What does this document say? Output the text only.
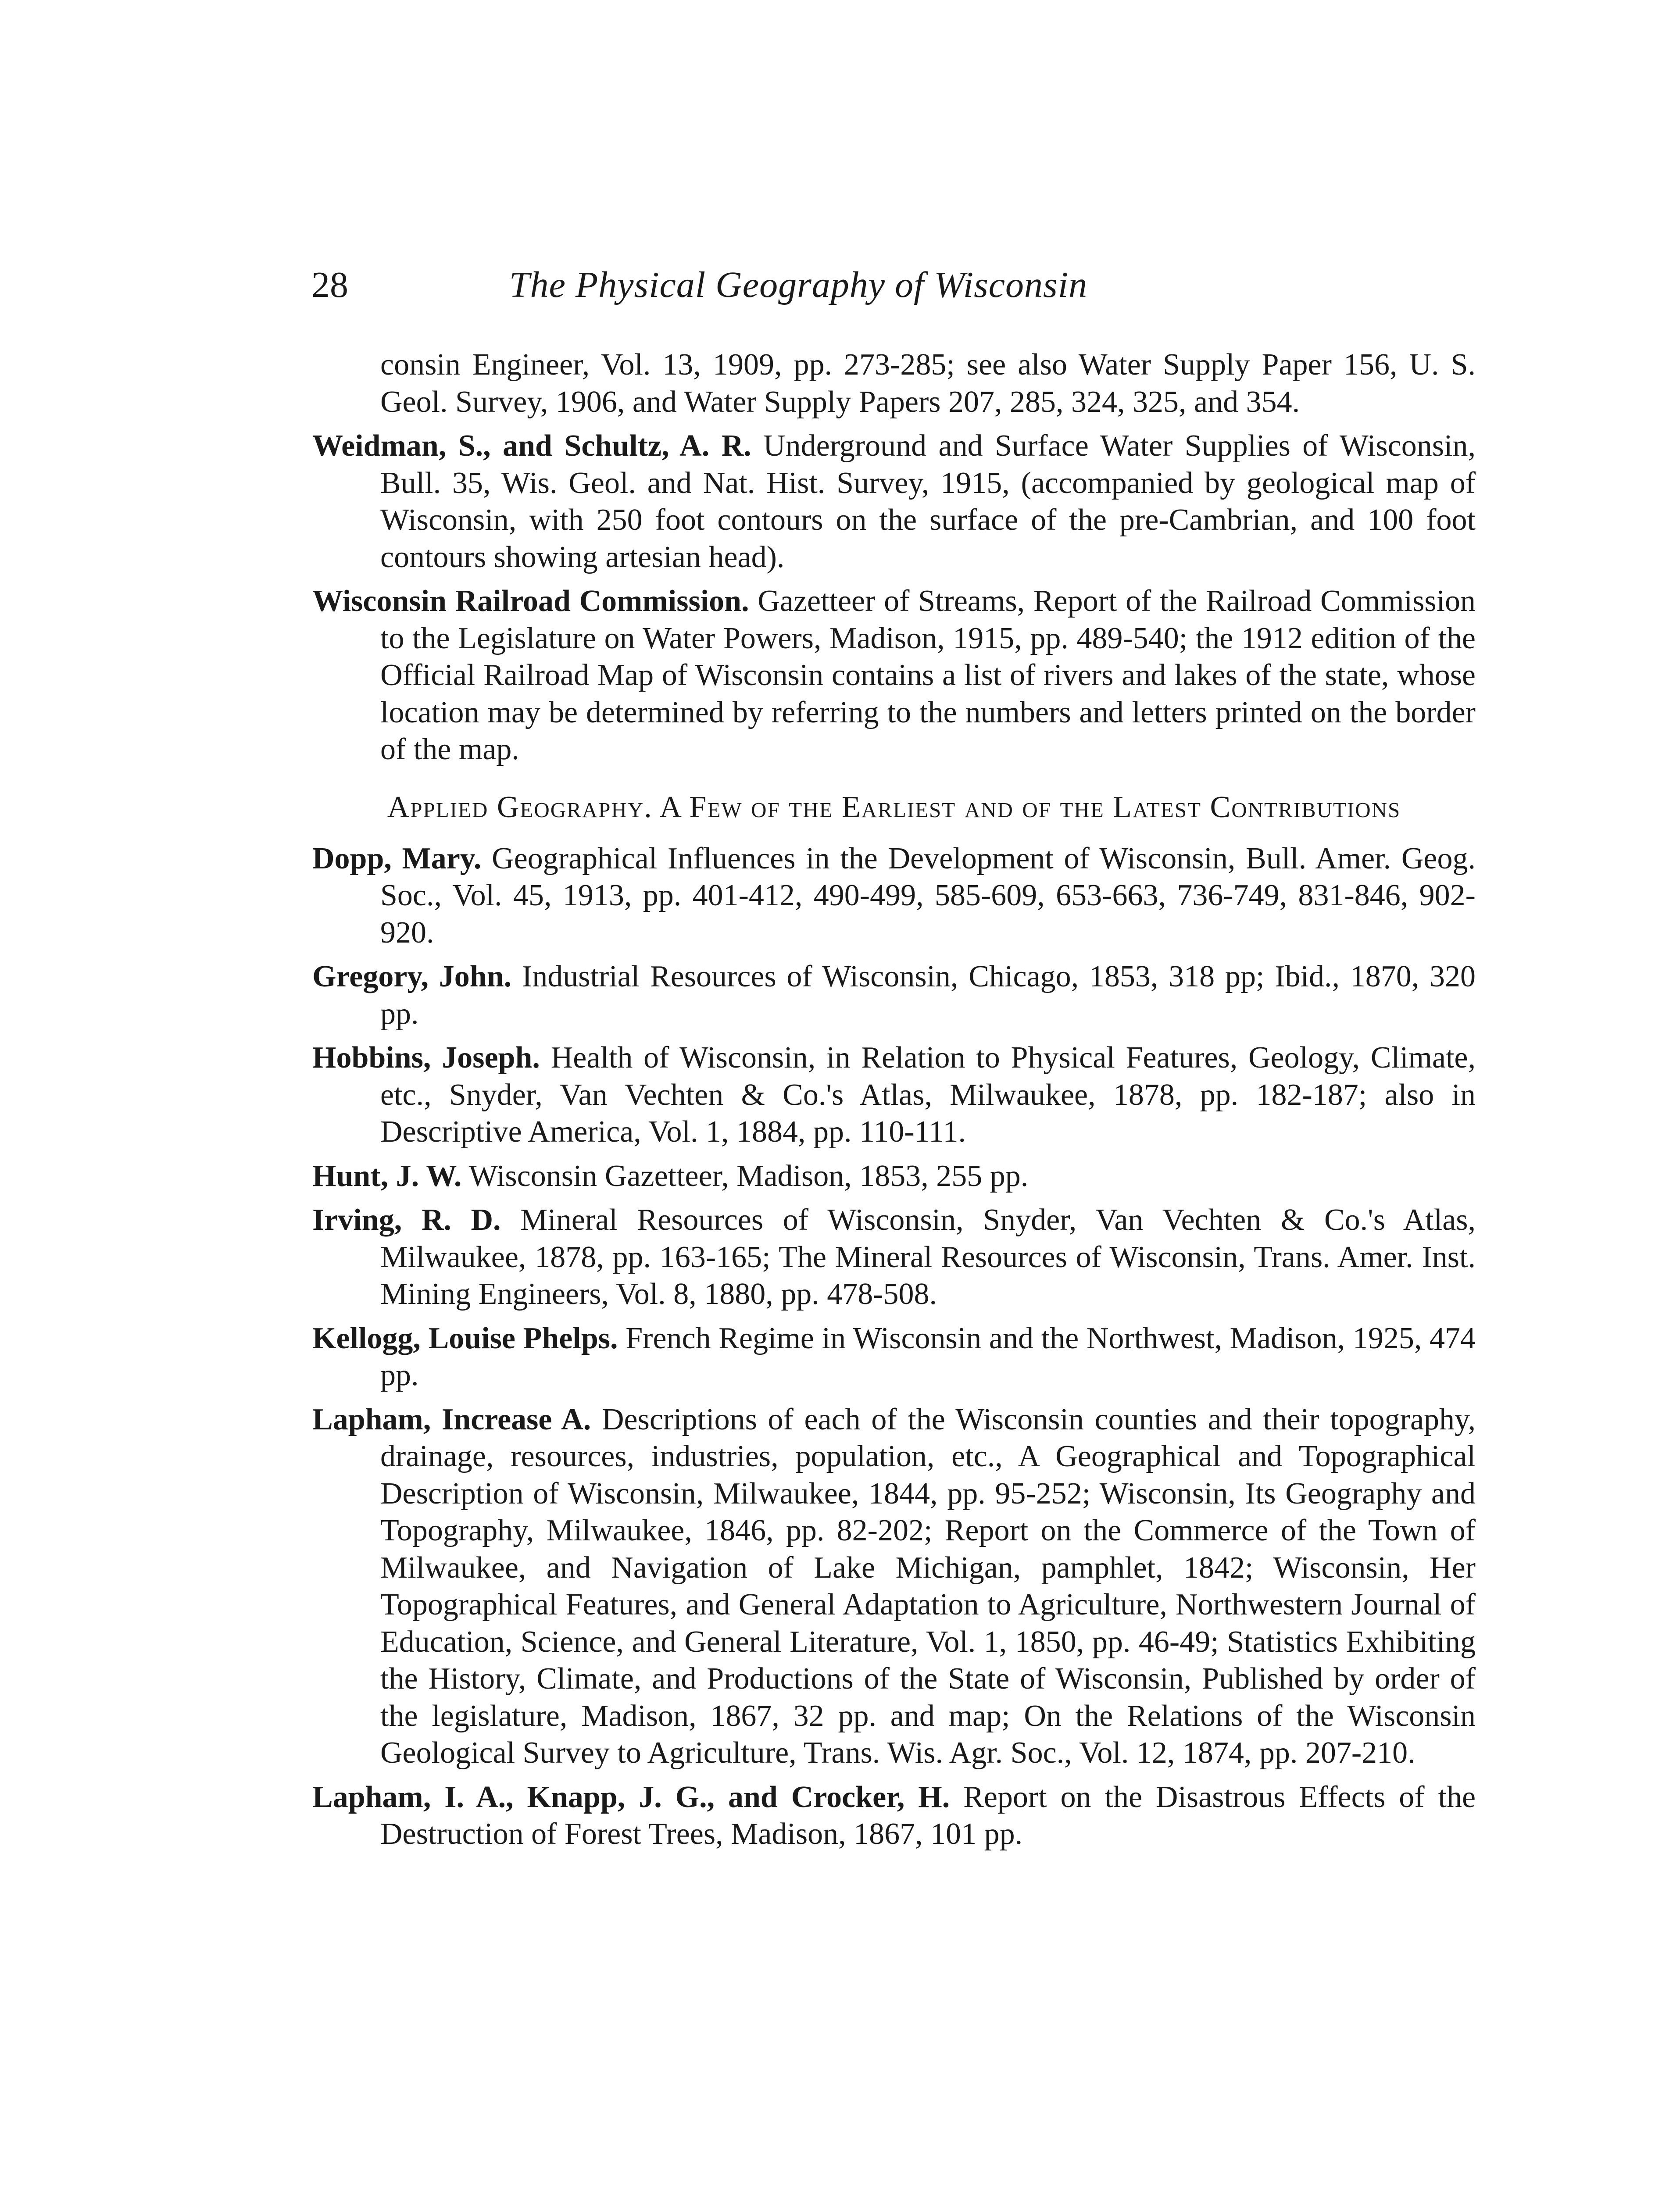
28	The Physical Geography of Wisconsin

consin Engineer, Vol. 13, 1909, pp. 273-285; see also Water Supply Paper 156, U. S. Geol. Survey, 1906, and Water Supply Papers 207, 285, 324, 325, and 354.

Weidman, S., and Schultz, A. R. Underground and Surface Water Supplies of Wisconsin, Bull. 35, Wis. Geol. and Nat. Hist. Survey, 1915, (accompanied by geological map of Wisconsin, with 250 foot contours on the surface of the pre-Cambrian, and 100 foot contours showing artesian head).

Wisconsin Railroad Commission. Gazetteer of Streams, Report of the Railroad Commission to the Legislature on Water Powers, Madison, 1915, pp. 489-540; the 1912 edition of the Official Railroad Map of Wisconsin contains a list of rivers and lakes of the state, whose location may be determined by referring to the numbers and letters printed on the border of the map.

Applied Geography. A Few of the Earliest and of the Latest Contributions

Dopp, Mary. Geographical Influences in the Development of Wisconsin, Bull. Amer. Geog. Soc., Vol. 45, 1913, pp. 401-412, 490-499, 585-609, 653-663, 736-749, 831-846, 902-920.

Gregory, John. Industrial Resources of Wisconsin, Chicago, 1853, 318 pp; Ibid., 1870, 320 pp.

Hobbins, Joseph. Health of Wisconsin, in Relation to Physical Features, Geology, Climate, etc., Snyder, Van Vechten & Co.'s Atlas, Milwaukee, 1878, pp. 182-187; also in Descriptive America, Vol. 1, 1884, pp. 110-111.

Hunt, J. W. Wisconsin Gazetteer, Madison, 1853, 255 pp.

Irving, R. D. Mineral Resources of Wisconsin, Snyder, Van Vechten & Co.'s Atlas, Milwaukee, 1878, pp. 163-165; The Mineral Resources of Wisconsin, Trans. Amer. Inst. Mining Engineers, Vol. 8, 1880, pp. 478-508.

Kellogg, Louise Phelps. French Regime in Wisconsin and the Northwest, Madison, 1925, 474 pp.

Lapham, Increase A. Descriptions of each of the Wisconsin counties and their topography, drainage, resources, industries, population, etc., A Geographical and Topographical Description of Wisconsin, Milwaukee, 1844, pp. 95-252; Wisconsin, Its Geography and Topography, Milwaukee, 1846, pp. 82-202; Report on the Commerce of the Town of Milwaukee, and Navigation of Lake Michigan, pamphlet, 1842; Wisconsin, Her Topographical Features, and General Adaptation to Agriculture, Northwestern Journal of Education, Science, and General Literature, Vol. 1, 1850, pp. 46-49; Statistics Exhibiting the History, Climate, and Productions of the State of Wisconsin, Published by order of the legislature, Madison, 1867, 32 pp. and map; On the Relations of the Wisconsin Geological Survey to Agriculture, Trans. Wis. Agr. Soc., Vol. 12, 1874, pp. 207-210.

Lapham, I. A., Knapp, J. G., and Crocker, H. Report on the Disastrous Effects of the Destruction of Forest Trees, Madison, 1867, 101 pp.
